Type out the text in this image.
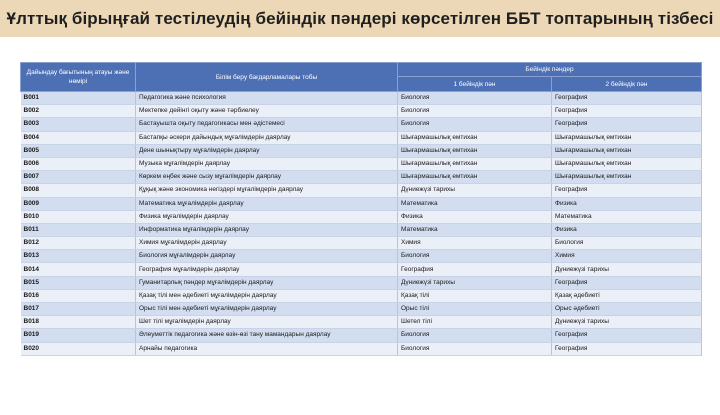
Ұлттық бірыңғай тестілеудің бейіндік пәндері көрсетілген ББТ топтарының тізбесі
Дайындау бағытының атауы және нөмірі	Білім беру бағдарламалары тобы	Бейіндік пәндер	
		1 бейіндік пән	2 бейіндік пән
B001	Педагогика және психология	Биология	География
B002	Мектепке дейінгі оқыту және тәрбиелеу	Биология	География
B003	Бастауышта оқыту педагогикасы мен әдістемесі	Биология	География
B004	Бастапқы әскери дайындық мұғалімдерін даярлау	Шығармашылық емтихан	Шығармашылық емтихан
B005	Дене шынықтыру мұғалімдерін даярлау	Шығармашылық емтихан	Шығармашылық емтихан
B006	Музыка мұғалімдерін даярлау	Шығармашылық емтихан	Шығармашылық емтихан
B007	Көркем еңбек және сызу мұғалімдерін даярлау	Шығармашылық емтихан	Шығармашылық емтихан
B008	Құқық және экономика негіздері мұғалімдерін даярлау	Дүниежүзі тарихы	География
B009	Математика мұғалімдерін даярлау	Математика	Физика
B010	Физика мұғалімдерін даярлау	Физика	Математика
B011	Информатика мұғалімдерін даярлау	Математика	Физика
B012	Химия мұғалімдерін даярлау	Химия	Биология
B013	Биология мұғалімдерін даярлау	Биология	Химия
B014	География мұғалімдерін даярлау	География	Дүниежүзі тарихы
B015	Гуманитарлық пәндер мұғалімдерін даярлау	Дүниежүзі тарихы	География
B016	Қазақ тілі мен әдебиеті мұғалімдерін даярлау	Қазақ тілі	Қазақ әдебиеті
B017	Орыс тілі мен әдебиеті мұғалімдерін даярлау	Орыс тілі	Орыс әдебиеті
B018	Шет тілі мұғалімдерін даярлау	Шетел тілі	Дүниежүзі тарихы
B019	Әлеуметтік педагогика және өзін-өзі тану мамандарын даярлау	Биология	География
B020	Арнайы педагогика	Биология	География
